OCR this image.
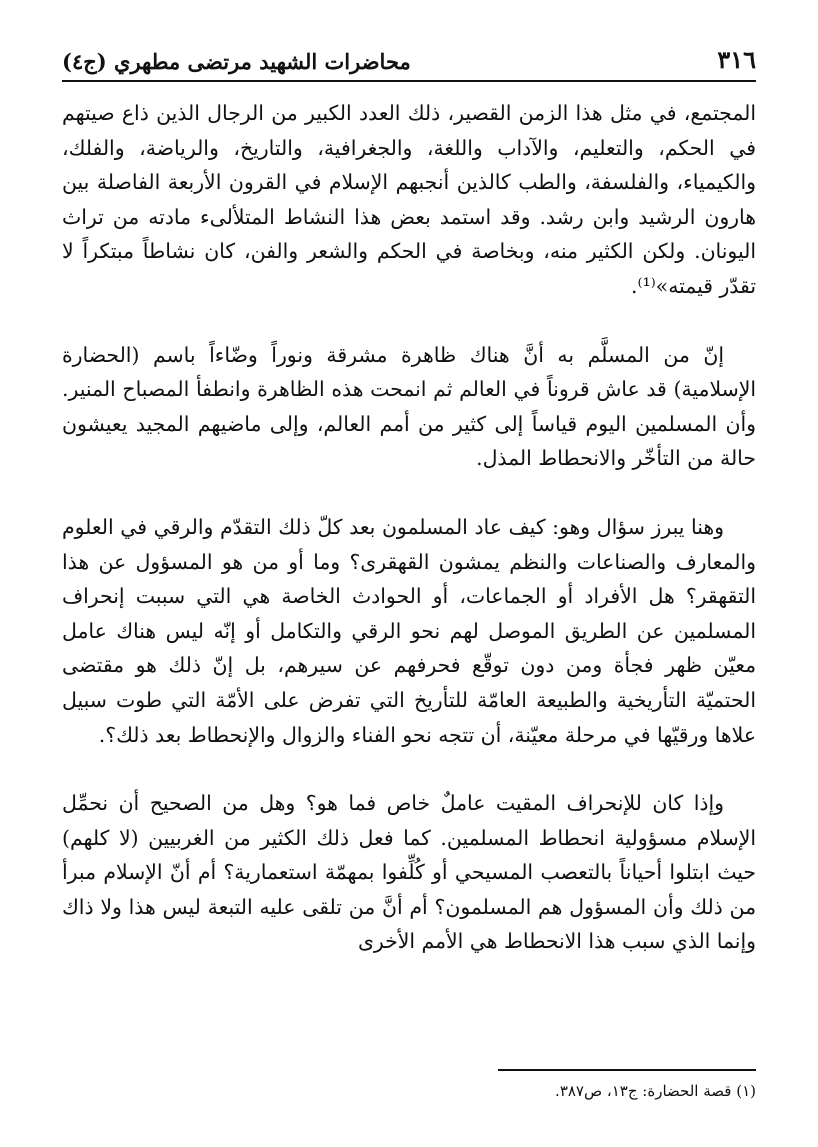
٣١٦
محاضرات الشهيد مرتضى مطهري (ج٤)

المجتمع، في مثل هذا الزمن القصير، ذلك العدد الكبير من الرجال الذين ذاع صيتهم في الحكم، والتعليم، والآداب واللغة، والجغرافية، والتاريخ، والرياضة، والفلك، والكيمياء، والفلسفة، والطب كالذين أنجبهم الإسلام في القرون الأربعة الفاصلة بين هارون الرشيد وابن رشد. وقد استمد بعض هذا النشاط المتلألىء مادته من تراث اليونان. ولكن الكثير منه، وبخاصة في الحكم والشعر والفن، كان نشاطاً مبتكراً لا تقدّر قيمته»⁽¹⁾.

إنّ من المسلَّم به أنَّ هناك ظاهرة مشرقة ونوراً وضّاءاً باسم (الحضارة الإسلامية) قد عاش قروناً في العالم ثم انمحت هذه الظاهرة وانطفأ المصباح المنير. وأن المسلمين اليوم قياساً إلى كثير من أمم العالم، وإلى ماضيهم المجيد يعيشون حالة من التأخّر والانحطاط المذل.

وهنا يبرز سؤال وهو: كيف عاد المسلمون بعد كلّ ذلك التقدّم والرقي في العلوم والمعارف والصناعات والنظم يمشون القهقرى؟ وما أو من هو المسؤول عن هذا التقهقر؟ هل الأفراد أو الجماعات، أو الحوادث الخاصة هي التي سببت إنحراف المسلمين عن الطريق الموصل لهم نحو الرقي والتكامل أو إنّه ليس هناك عامل معيّن ظهر فجأة ومن دون توقّع فحرفهم عن سيرهم، بل إنّ ذلك هو مقتضى الحتميّة التأريخية والطبيعة العامّة للتأريخ التي تفرض على الأمّة التي طوت سبيل علاها ورقيّها في مرحلة معيّنة، أن تتجه نحو الفناء والزوال والإنحطاط بعد ذلك؟.

وإذا كان للإنحراف المقيت عاملٌ خاص فما هو؟ وهل من الصحيح أن نحمِّل الإسلام مسؤولية انحطاط المسلمين. كما فعل ذلك الكثير من الغربيين (لا كلهم) حيث ابتلوا أحياناً بالتعصب المسيحي أو كُلِّفوا بمهمّة استعمارية؟ أم أنّ الإسلام مبرأ من ذلك وأن المسؤول هم المسلمون؟ أم أنَّ من تلقى عليه التبعة ليس هذا ولا ذاك وإنما الذي سبب هذا الانحطاط هي الأمم الأخرى

(١) قصة الحضارة: ج١٣، ص٣٨٧.
